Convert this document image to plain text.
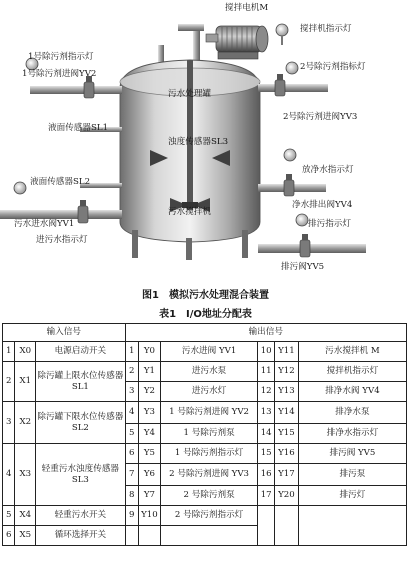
搅拌电机M
搅拌机指示灯
1号除污剂指示灯
1号除污剂进阀YV2
2号除污剂指标灯
2号除污剂进阀YV3
污水处理罐
液面传感器SL1
浊度传感器SL3
放净水指示灯
液面传感器SL2
净水排出阀YV4
污水搅拌机
污水进水阀YV1	排污指示灯
进污水指示灯
排污阀YV5
图1　模拟污水处理混合装置
表1　I/O地址分配表
输入信号			输出信号					
1	X0	电源启动开关	1	Y0	污水进阀 YV1	10	Y11	污水搅拌机 M
2	X1	除污罐上限水位传感器 SL1	2	Y1	进污水泵	11	Y12	搅拌机指示灯
			3	Y2	进污水灯	12	Y13	排净水阀 YV4
3	X2	除污罐下限水位传感器 SL2	4	Y3	1 号除污剂进阀 YV2	13	Y14	排净水泵
			5	Y4	1 号除污剂泵	14	Y15	排净水指示灯
4	X3	轻重污水浊度传感器 SL3	6	Y5	1 号除污剂指示灯	15	Y16	排污阀 YV5
			7	Y6	2 号除污剂进阀 YV3	16	Y17	排污泵
			8	Y7	2 号除污剂泵	17	Y20	排污灯
5	X4	轻重污水开关	9	Y10	2 号除污剂指示灯			
6	X5	循环选择开关						
